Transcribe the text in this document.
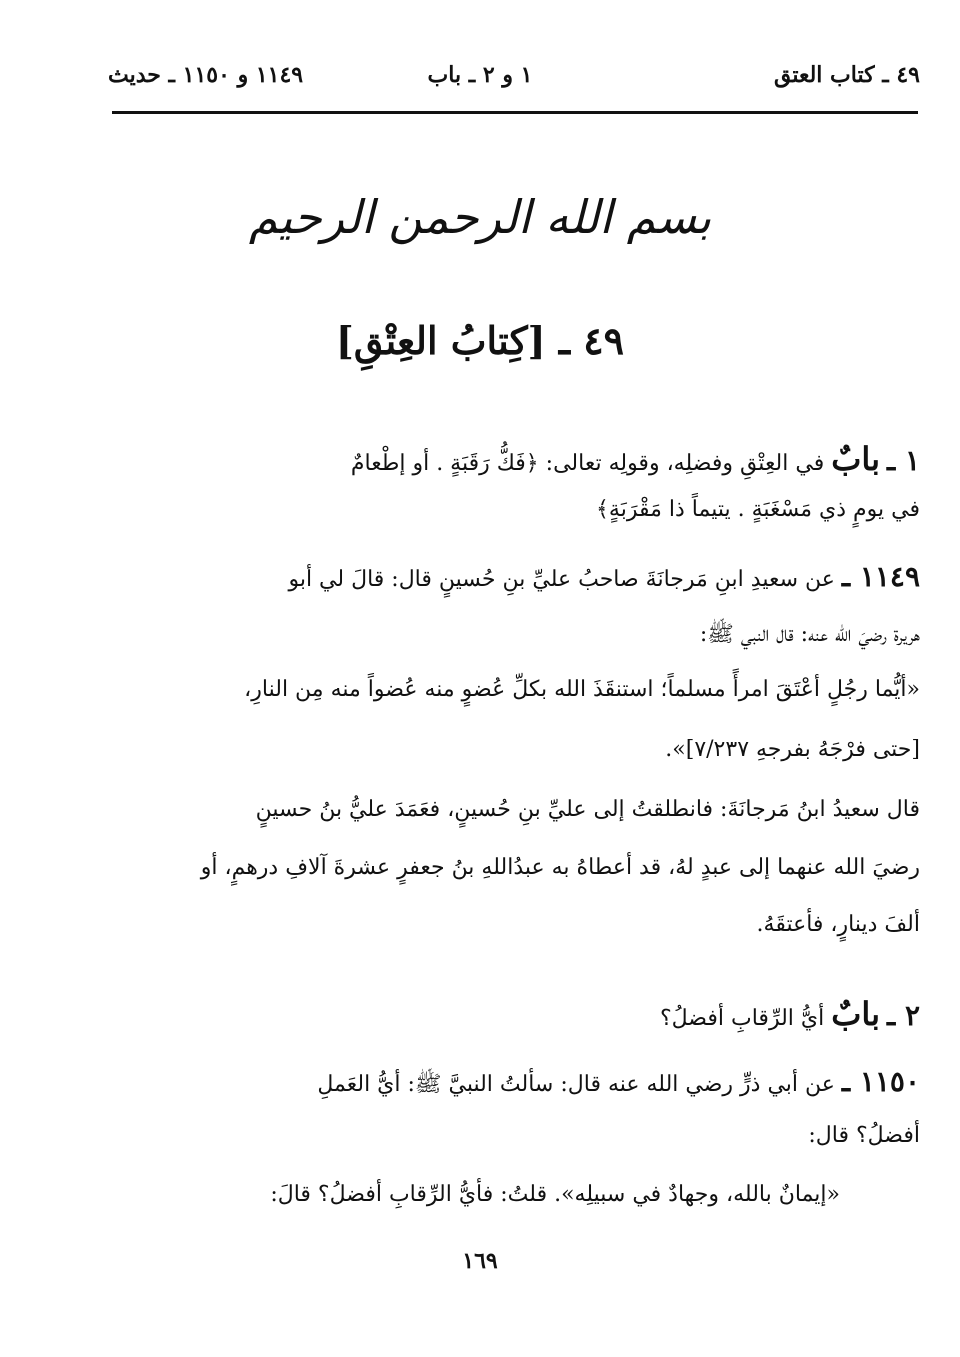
٤٩ ـ كتاب العتق
١ و ٢ ـ باب
١١٤٩ و ١١٥٠ ـ حديث
بسم الله الرحمن الرحيم
٤٩ ـ [كِتابُ العِتْقِ]
١ ـ بابٌ في العِتْقِ وفضلِه، وقولِه تعالى: ﴿فَكُّ رَقَبَةٍ . أو إطْعامٌ
في يومٍ ذي مَسْغَبَةٍ . يتيماً ذا مَقْرَبَةٍ﴾
١١٤٩ ـ عن سعيدِ ابنِ مَرجانَةَ صاحبُ عليِّ بنِ حُسينٍ قال: قالَ لي أبو
هريرة رضيَ الله عنه: قال النبي ﷺ:
«أيُّما رجُلٍ أعْتَقَ امرأً مسلماً؛ استنقَذَ الله بكلِّ عُضوٍ منه عُضواً منه مِن النارِ،
[حتى فرْجَهُ بفرجهِ ٧/٢٣٧]».
قال سعيدُ ابنُ مَرجانَةَ: فانطلقتُ إلى عليِّ بنِ حُسينٍ، فعَمَدَ عليُّ بنُ حسينٍ
رضيَ الله عنهما إلى عبدٍ لهُ، قد أعطاهُ به عبدُاللهِ بنُ جعفرٍ عشرةَ آلافِ درهمٍ، أو
ألفَ دينارٍ، فأعتقَهُ.
٢ ـ بابٌ أيُّ الرِّقابِ أفضلُ؟
١١٥٠ ـ عن أبي ذرٍّ رضي الله عنه قال: سألتُ النبيَّ ﷺ: أيُّ العَملِ
أفضلُ؟ قال:
«إيمانٌ بالله، وجهادٌ في سبيلِه». قلتُ: فأيُّ الرِّقابِ أفضلُ؟ قالَ:
١٦٩
